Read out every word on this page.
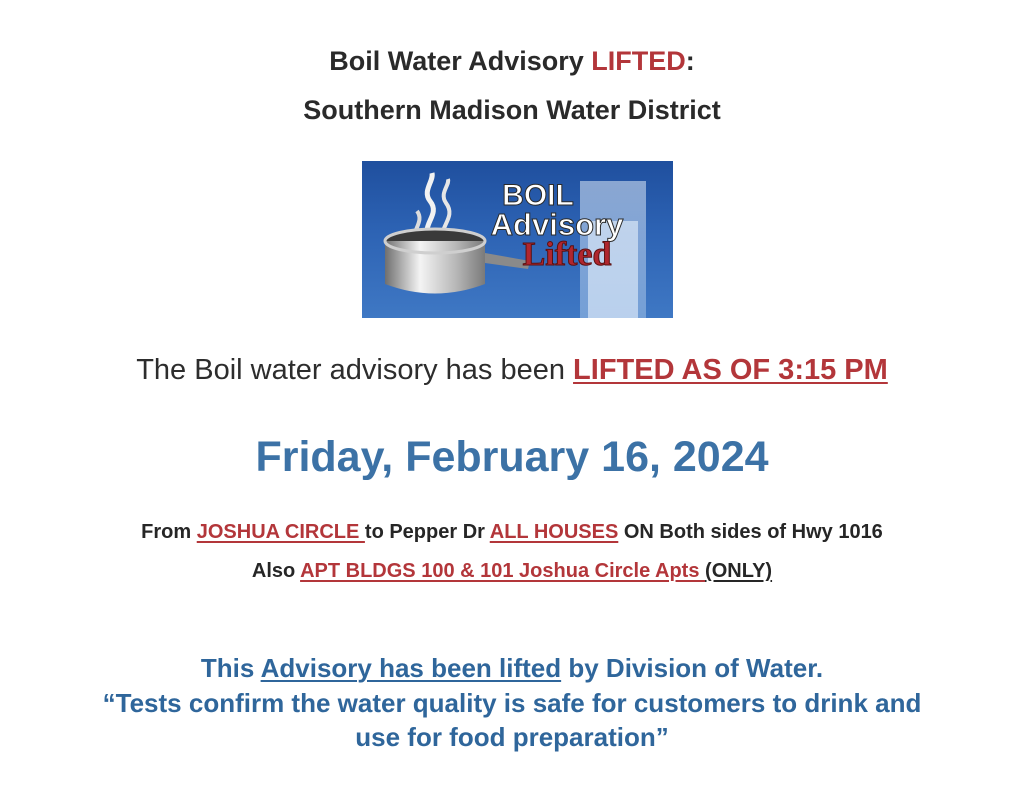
Boil Water Advisory LIFTED:
Southern Madison Water District
BOIL
Advisory
Lifted
The Boil water advisory has been LIFTED AS OF 3:15 PM
Friday, February 16, 2024
From JOSHUA CIRCLE to Pepper Dr ALL HOUSES ON Both sides of Hwy 1016
Also APT BLDGS 100 & 101 Joshua Circle Apts (ONLY)
This Advisory has been lifted by Division of Water.
“Tests confirm the water quality is safe for customers to drink and
use for food preparation”
